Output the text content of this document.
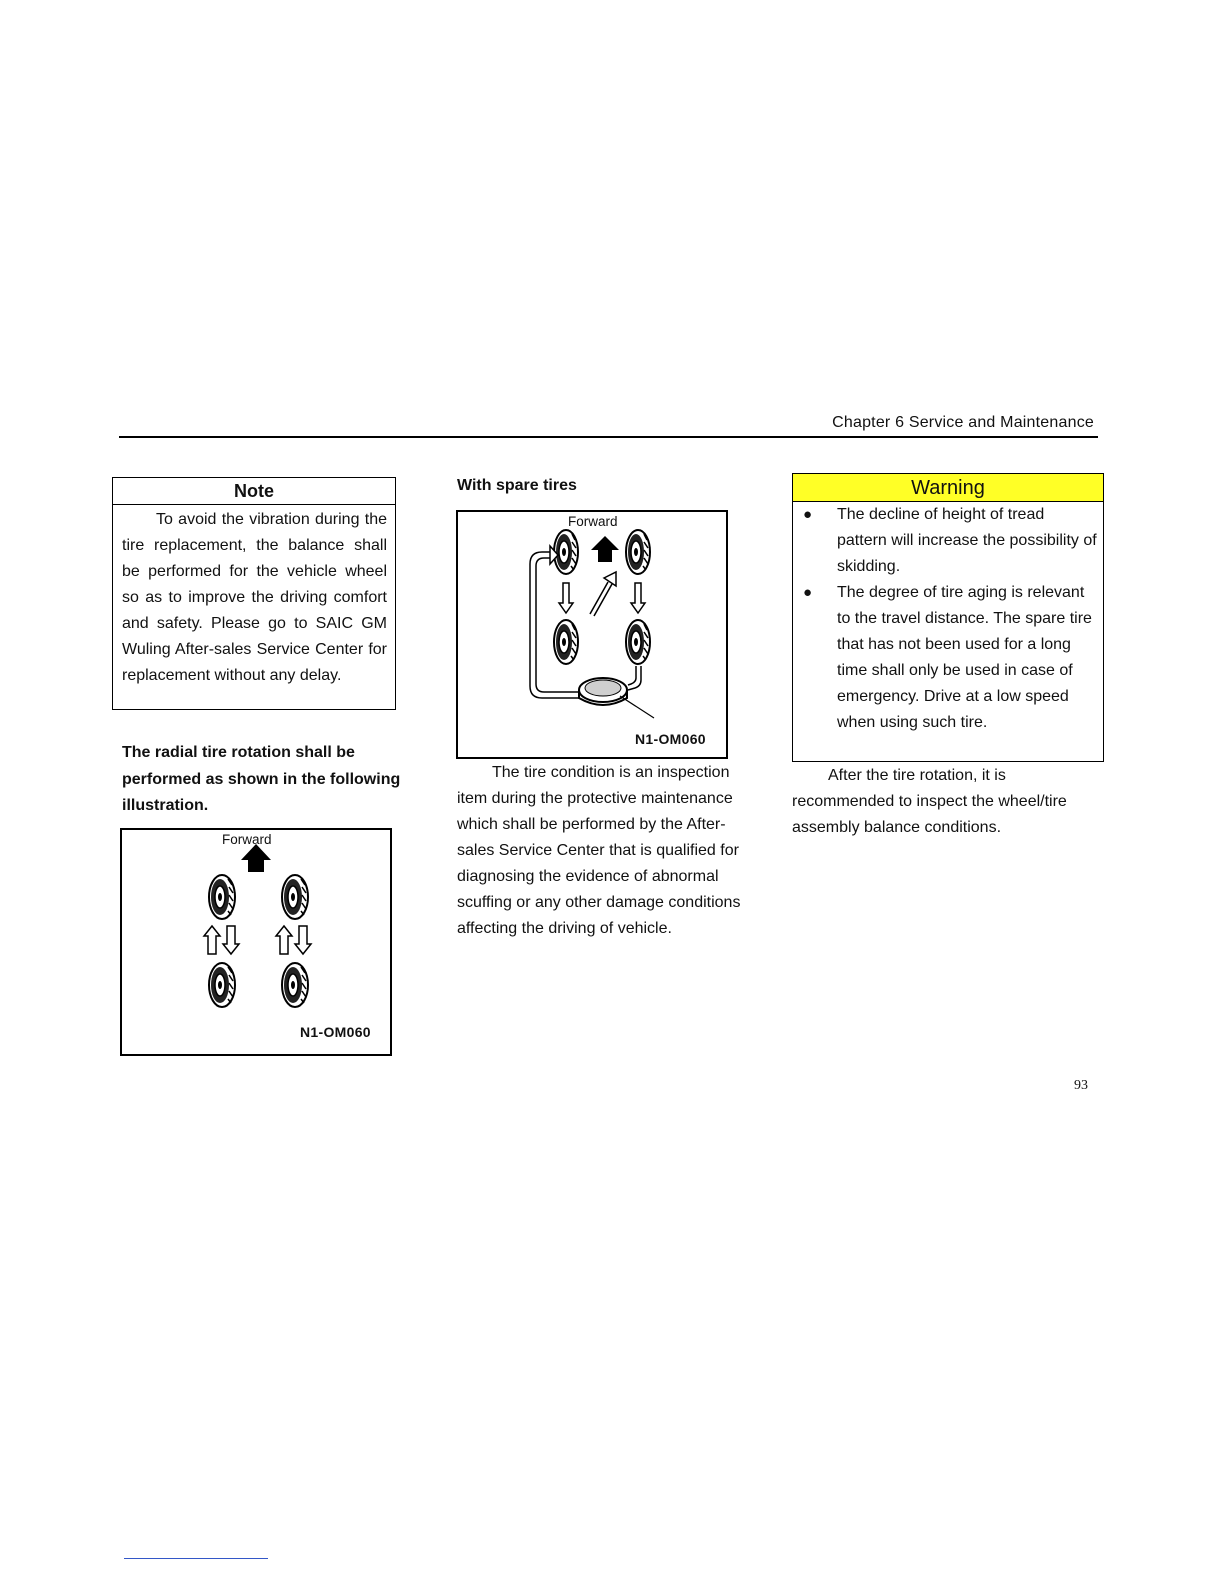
Chapter 6 Service and Maintenance
Note
To avoid the vibration during the tire replacement, the balance shall be performed for the vehicle wheel so as to improve the driving comfort and safety. Please go to SAIC GM Wuling After-sales Service Center for replacement without any delay.
The radial tire rotation shall be performed as shown in the following illustration.
Forward
N1-OM060
With spare tires
Forward
N1-OM060
The tire condition is an inspection item during the protective maintenance which shall be performed by the After-sales Service Center that is qualified for diagnosing the evidence of abnormal scuffing or any other damage conditions affecting the driving of vehicle.
Warning
● The decline of height of tread pattern will increase the possibility of skidding.
● The degree of tire aging is relevant to the travel distance. The spare tire that has not been used for a long time shall only be used in case of emergency. Drive at a low speed when using such tire.
After the tire rotation, it is recommended to inspect the wheel/tire assembly balance conditions.
93
